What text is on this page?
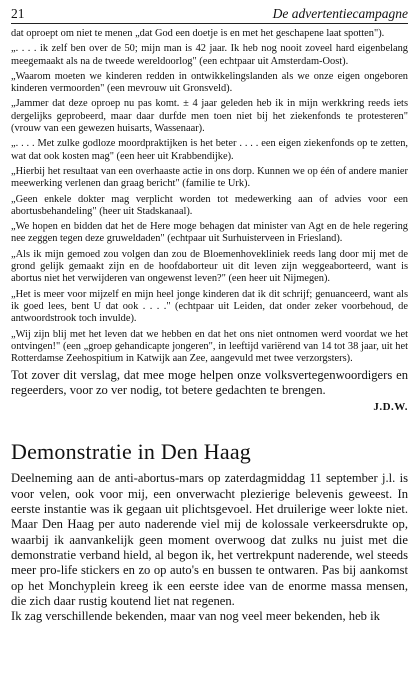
21	De advertentiecampagne

dat oproept om niet te menen „dat God een doetje is en met het geschapene laat spotten").

„. . . . ik zelf ben over de 50; mijn man is 42 jaar. Ik heb nog nooit zoveel hard eigenbelang meegemaakt als na de tweede wereldoorlog" (een echtpaar uit Amsterdam-Oost).

„Waarom moeten we kinderen redden in ontwikkelingslanden als we onze eigen ongeboren kinderen vermoorden" (een mevrouw uit Gronsveld).

„Jammer dat deze oproep nu pas komt. ± 4 jaar geleden heb ik in mijn werkkring reeds iets dergelijks geprobeerd, maar daar durfde men toen niet bij het ziekenfonds te protesteren" (vrouw van een gewezen huisarts, Wassenaar).

„. . . . Met zulke godloze moordpraktijken is het beter . . . . een eigen ziekenfonds op te zetten, wat dat ook kosten mag" (een heer uit Krabbendijke).

„Hierbij het resultaat van een overhaaste actie in ons dorp. Kunnen we op één of andere manier meewerking verlenen dan graag bericht" (familie te Urk).

„Geen enkele dokter mag verplicht worden tot medewerking aan of advies voor een abortusbehandeling" (heer uit Stadskanaal).

„We hopen en bidden dat het de Here moge behagen dat minister van Agt en de hele regering nee zeggen tegen deze gruweldaden" (echtpaar uit Surhuisterveen in Friesland).

„Als ik mijn gemoed zou volgen dan zou de Bloemenhovekliniek reeds lang door mij met de grond gelijk gemaakt zijn en de hoofdaborteur uit dit leven zijn weggeaborteerd, want is abortus niet het verwijderen van ongewenst leven?" (een heer uit Nijmegen).

„Het is meer voor mijzelf en mijn heel jonge kinderen dat ik dit schrijf; genuanceerd, want als ik goed lees, bent U dat ook . . . ." (echtpaar uit Leiden, dat onder zeker voorbehoud, de antwoordstrook toch invulde).

„Wij zijn blij met het leven dat we hebben en dat het ons niet ontnomen werd voordat we het ontvingen!" (een „groep gehandicapte jongeren", in leeftijd variërend van 14 tot 38 jaar, uit het Rotterdamse Zeehospitium in Katwijk aan Zee, aangevuld met twee verzorgsters).

Tot zover dit verslag, dat mee moge helpen onze volksvertegenwoordigers en regeerders, voor zo ver nodig, tot betere gedachten te brengen.

J.D.W.
Demonstratie in Den Haag

Deelneming aan de anti-abortus-mars op zaterdagmiddag 11 september j.l. is voor velen, ook voor mij, een onverwacht plezierige belevenis geweest. In eerste instantie was ik gegaan uit plichtsgevoel. Het druilerige weer lokte niet. Maar Den Haag per auto naderende viel mij de kolossale verkeersdrukte op, waarbij ik aanvankelijk geen moment overwoog dat zulks nu juist met die demonstratie verband hield, al begon ik, het vertrekpunt naderende, wel steeds meer pro-life stickers en zo op auto's en bussen te ontwaren. Pas bij aankomst op het Monchyplein kreeg ik een eerste idee van de enorme massa mensen, die zich daar rustig koutend liet nat regenen.

Ik zag verschillende bekenden, maar van nog veel meer bekenden, heb ik
